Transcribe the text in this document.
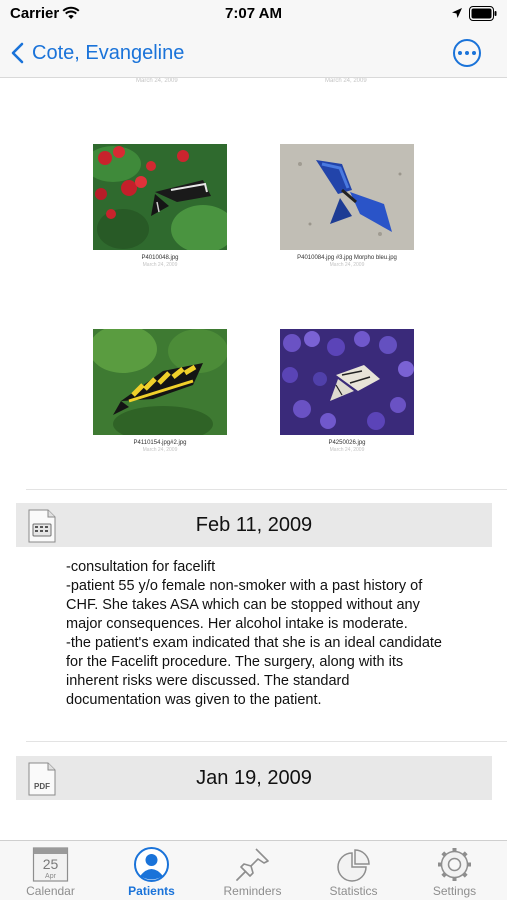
Carrier	7:07 AM
Cote, Evangeline
March 24, 2009	March 24, 2009
P4010048.jpg
March 24, 2009
P4010084.jpg #3.jpg Morpho bleu.jpg
March 24, 2009
P4110154.jpg#2.jpg
March 24, 2009
P4250026.jpg
March 24, 2009
Feb 11, 2009

-consultation for facelift

-patient 55 y/o female non-smoker with a past history of CHF. She takes ASA which can be stopped without any major consequences. Her alcohol intake is moderate.

-the patient's exam indicated that she is an ideal candidate for the Facelift procedure. The surgery, along with its inherent risks were discussed. The standard documentation was given to the patient.

PDF	Jan 19, 2009
25
Apr
Calendar	Patients	Reminders	Statistics	Settings
